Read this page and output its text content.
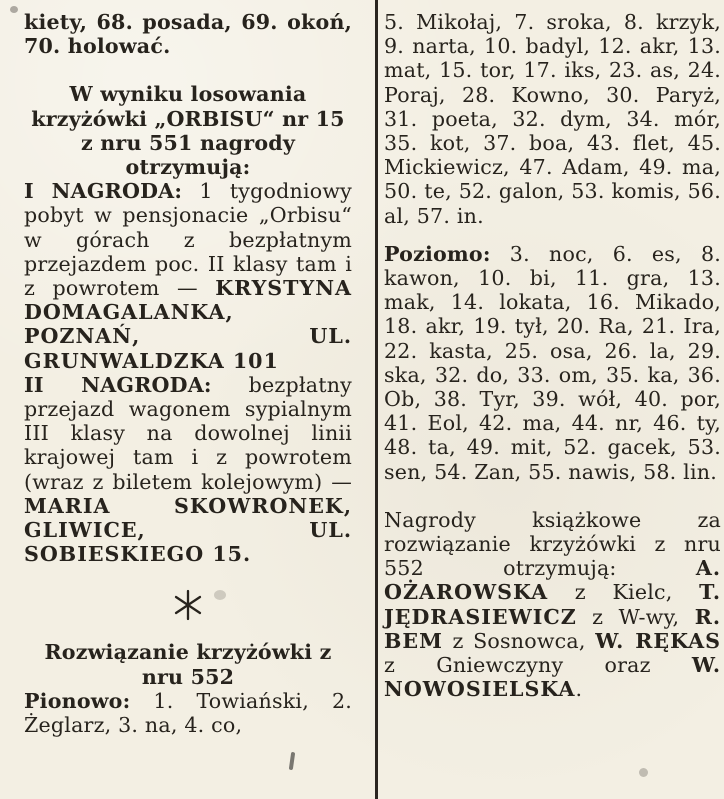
kiety, 68. posada, 69. okoń, 70. holować.

W wyniku losowania krzyżówki „ORBISU“ nr 15 z nru 551 nagrody otrzymują:

I NAGRODA: 1 tygodniowy pobyt w pensjonacie „Orbisu“ w górach z bezpłatnym przejazdem poc. II klasy tam i z powrotem — KRYSTYNA DOMAGALANKA, POZNAŃ, UL. GRUNWALDZKA 101

II NAGRODA: bezpłatny przejazd wagonem sypialnym III klasy na dowolnej linii krajowej tam i z powrotem (wraz z biletem kolejowym) — MARIA SKOWRONEK, GLIWICE, UL. SOBIESKIEGO 15.

Rozwiązanie krzyżówki z nru 552

Pionowo: 1. Towiański, 2. Żeglarz, 3. na, 4. co,

5. Mikołaj, 7. sroka, 8. krzyk, 9. narta, 10. badyl, 12. akr, 13. mat, 15. tor, 17. iks, 23. as, 24. Poraj, 28. Kowno, 30. Paryż, 31. poeta, 32. dym, 34. mór, 35. kot, 37. boa, 43. flet, 45. Mickiewicz, 47. Adam, 49. ma, 50. te, 52. galon, 53. komis, 56. al, 57. in.

Poziomo: 3. noc, 6. es, 8. kawon, 10. bi, 11. gra, 13. mak, 14. lokata, 16. Mikado, 18. akr, 19. tył, 20. Ra, 21. Ira, 22. kasta, 25. osa, 26. la, 29. ska, 32. do, 33. om, 35. ka, 36. Ob, 38. Tyr, 39. wół, 40. por, 41. Eol, 42. ma, 44. nr, 46. ty, 48. ta, 49. mit, 52. gacek, 53. sen, 54. Zan, 55. nawis, 58. lin.

Nagrody książkowe za rozwiązanie krzyżówki z nru 552 otrzymują: A. OŻAROWSKA z Kielc, T. JĘDRASIEWICZ z W-wy, R. BEM z Sosnowca, W. RĘKAS z Gniewczyny oraz W. NOWOSIELSKA.
